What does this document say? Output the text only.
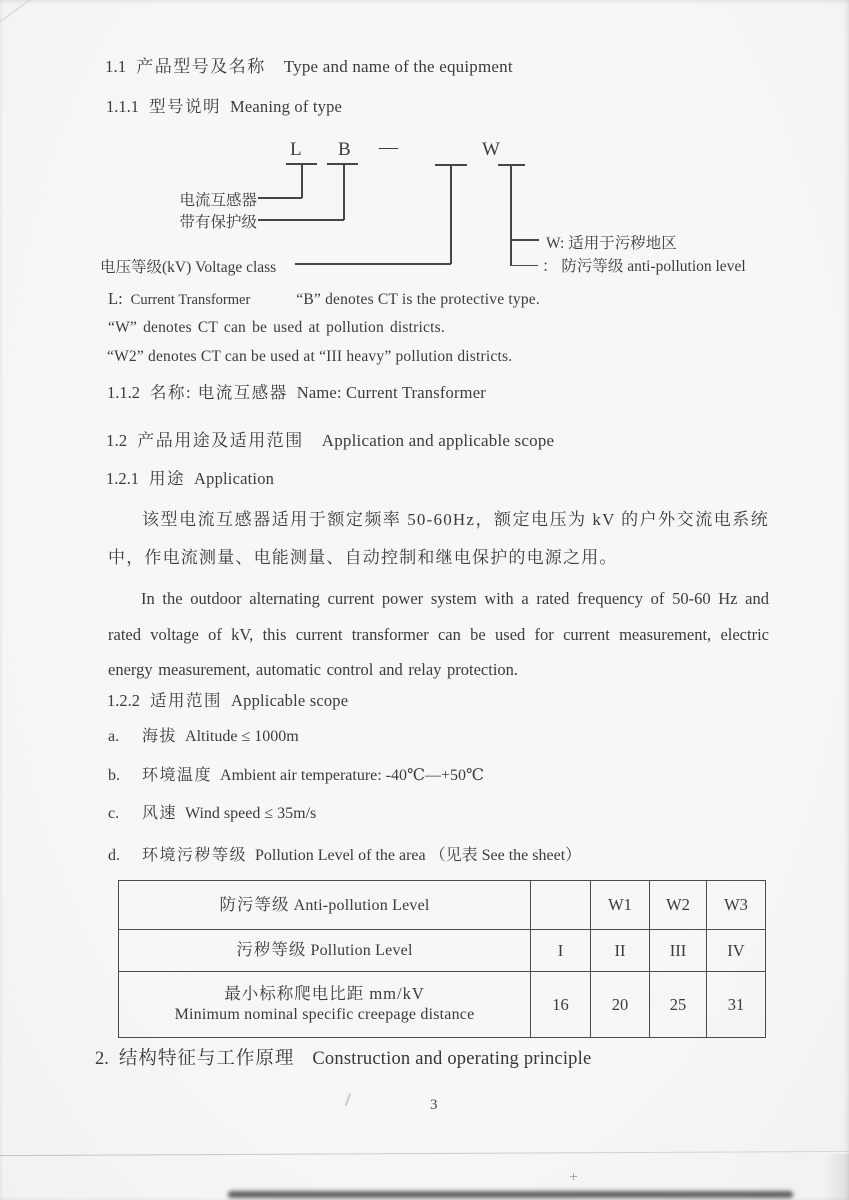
1.1 产品型号及名称 Type and name of the equipment
1.1.1 型号说明 Meaning of type
L B —	W
电流互感器
带有保护级
电压等级(kV) Voltage class
W: 适用于污秽地区
： 防污等级 anti-pollution level
L: Current Transformer	“B” denotes CT is the protective type.
“W” denotes CT can be used at pollution districts.
“W2” denotes CT can be used at “III heavy” pollution districts.
1.1.2 名称: 电流互感器 Name: Current Transformer
1.2 产品用途及适用范围 Application and applicable scope
1.2.1 用途 Application
该型电流互感器适用于额定频率 50-60Hz，额定电压为 kV 的户外交流电系统中，作电流测量、电能测量、自动控制和继电保护的电源之用。
In the outdoor alternating current power system with a rated frequency of 50-60 Hz and rated voltage of kV, this current transformer can be used for current measurement, electric energy measurement, automatic control and relay protection.
1.2.2 适用范围 Applicable scope
a. 海拔 Altitude ≤ 1000m
b. 环境温度 Ambient air temperature: -40℃—+50℃
c. 风速 Wind speed ≤ 35m/s
d. 环境污秽等级 Pollution Level of the area （见表 See the sheet）
防污等级 Anti-pollution Level		W1	W2	W3
污秽等级 Pollution Level	I	II	III	IV

最小标称爬电比距 mm/kV
Minimum nominal specific creepage distance	16	20	25	31
2. 结构特征与工作原理 Construction and operating principle
3
